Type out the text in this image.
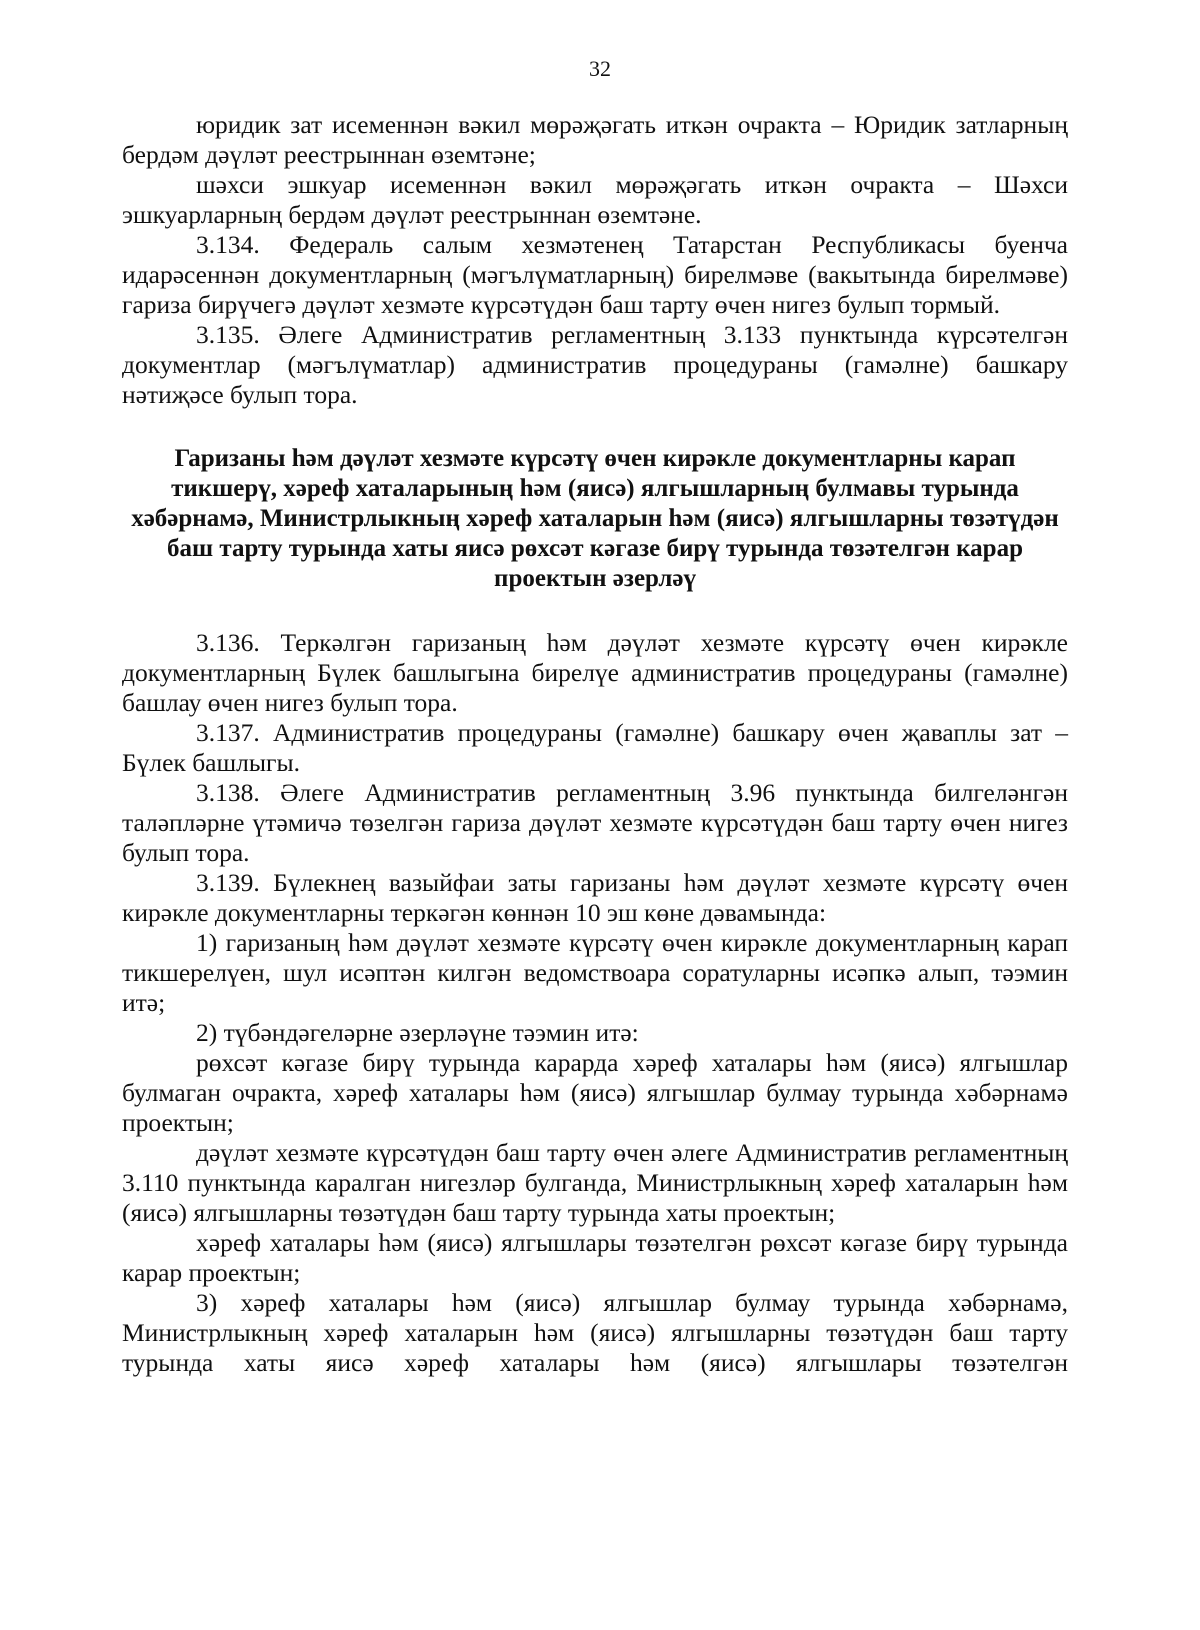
32

юридик зат исеменнән вәкил мөрәҗәгать иткән очракта – Юридик затларның бердәм дәүләт реестрыннан өземтәне;

шәхси эшкуар исеменнән вәкил мөрәҗәгать иткән очракта – Шәхси эшкуарларның бердәм дәүләт реестрыннан өземтәне.

3.134. Федераль салым хезмәтенең Татарстан Республикасы буенча идарәсеннән документларның (мәгълүматларның) бирелмәве (вакытында бирелмәве) гариза бирүчегә дәүләт хезмәте күрсәтүдән баш тарту өчен нигез булып тормый.

3.135. Әлеге Административ регламентның 3.133 пунктында күрсәтелгән документлар (мәгълүматлар) административ процедураны (гамәлне) башкару нәтиҗәсе булып тора.

Гаризаны һәм дәүләт хезмәте күрсәтү өчен кирәкле документларны карап тикшерү, хәреф хаталарының һәм (яисә) ялгышларның булмавы турында хәбәрнамә, Министрлыкның хәреф хаталарын һәм (яисә) ялгышларны төзәтүдән баш тарту турында хаты яисә рөхсәт кәгазе бирү турында төзәтелгән карар проектын әзерләү

3.136. Теркәлгән гаризаның һәм дәүләт хезмәте күрсәтү өчен кирәкле документларның Бүлек башлыгына бирелүе административ процедураны (гамәлне) башлау өчен нигез булып тора.

3.137. Административ процедураны (гамәлне) башкару өчен җаваплы зат – Бүлек башлыгы.

3.138. Әлеге Административ регламентның 3.96 пунктында билгеләнгән таләпләрне үтәмичә төзелгән гариза дәүләт хезмәте күрсәтүдән баш тарту өчен нигез булып тора.

3.139. Бүлекнең вазыйфаи заты гаризаны һәм дәүләт хезмәте күрсәтү өчен кирәкле документларны теркәгән көннән 10 эш көне дәвамында:

1) гаризаның һәм дәүләт хезмәте күрсәтү өчен кирәкле документларның карап тикшерелүен, шул исәптән килгән ведомствоара соратуларны исәпкә алып, тәэмин итә;

2) түбәндәгеләрне әзерләүне тәэмин итә:

рөхсәт кәгазе бирү турында карарда хәреф хаталары һәм (яисә) ялгышлар булмаган очракта, хәреф хаталары һәм (яисә) ялгышлар булмау турында хәбәрнамә проектын;

дәүләт хезмәте күрсәтүдән баш тарту өчен әлеге Административ регламентның 3.110 пунктында каралган нигезләр булганда, Министрлыкның хәреф хаталарын һәм (яисә) ялгышларны төзәтүдән баш тарту турында хаты проектын;

хәреф хаталары һәм (яисә) ялгышлары төзәтелгән рөхсәт кәгазе бирү турында карар проектын;

3) хәреф хаталары һәм (яисә) ялгышлар булмау турында хәбәрнамә, Министрлыкның хәреф хаталарын һәм (яисә) ялгышларны төзәтүдән баш тарту турында хаты яисә хәреф хаталары һәм (яисә) ялгышлары төзәтелгән
